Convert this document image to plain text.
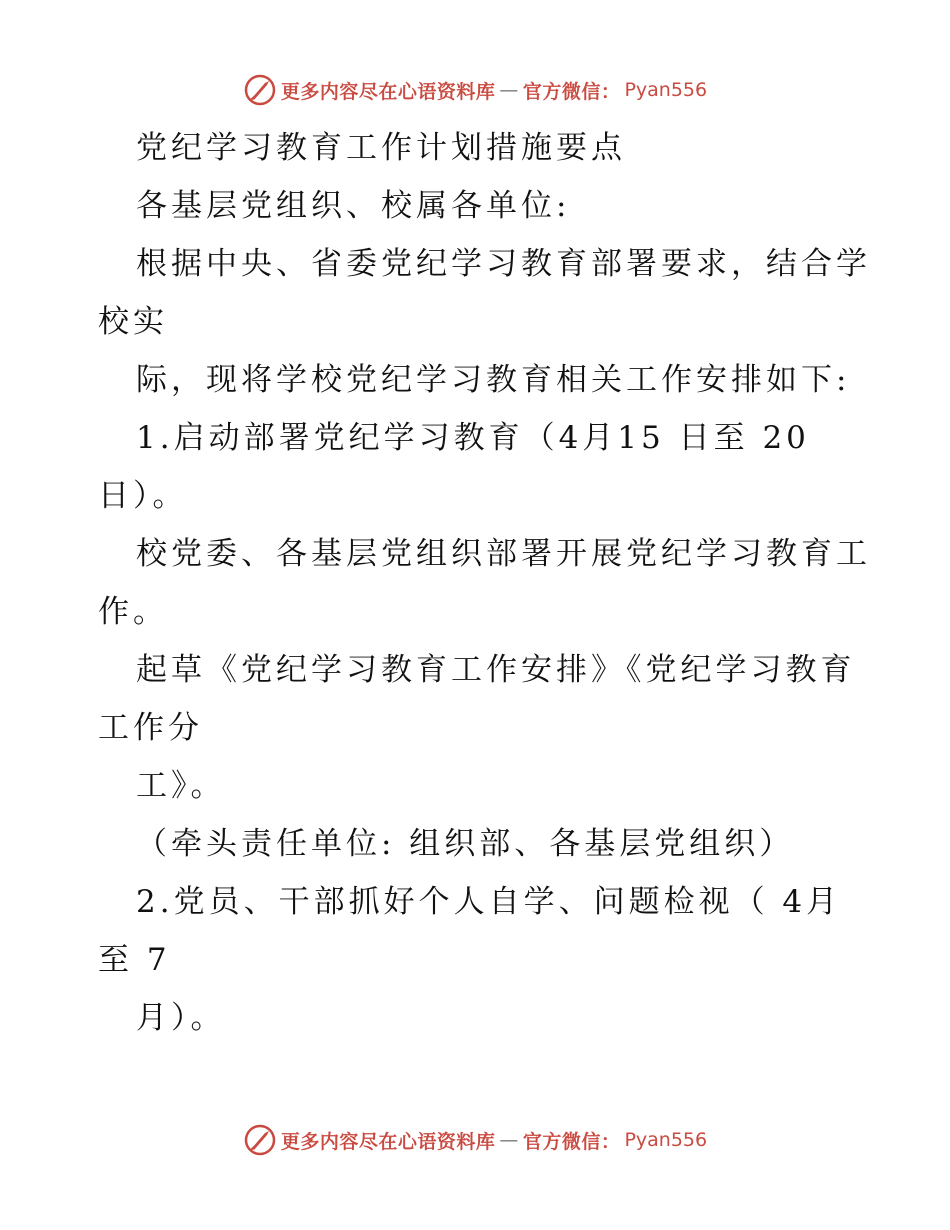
更多内容尽在心语资料库 — 官方微信： Pyan556
党纪学习教育工作计划措施要点
各基层党组织、校属各单位:
根据中央、省委党纪学习教育部署要求，结合学
校实
际，现将学校党纪学习教育相关工作安排如下:
1.启动部署党纪学习教育（4月15 日至 20
日）。
校党委、各基层党组织部署开展党纪学习教育工
作。
起草《党纪学习教育工作安排》《党纪学习教育
工作分
工》。
（牵头责任单位: 组织部、各基层党组织）
2.党员、干部抓好个人自学、问题检视（ 4月
至 7
月）。
更多内容尽在心语资料库 — 官方微信： Pyan556
